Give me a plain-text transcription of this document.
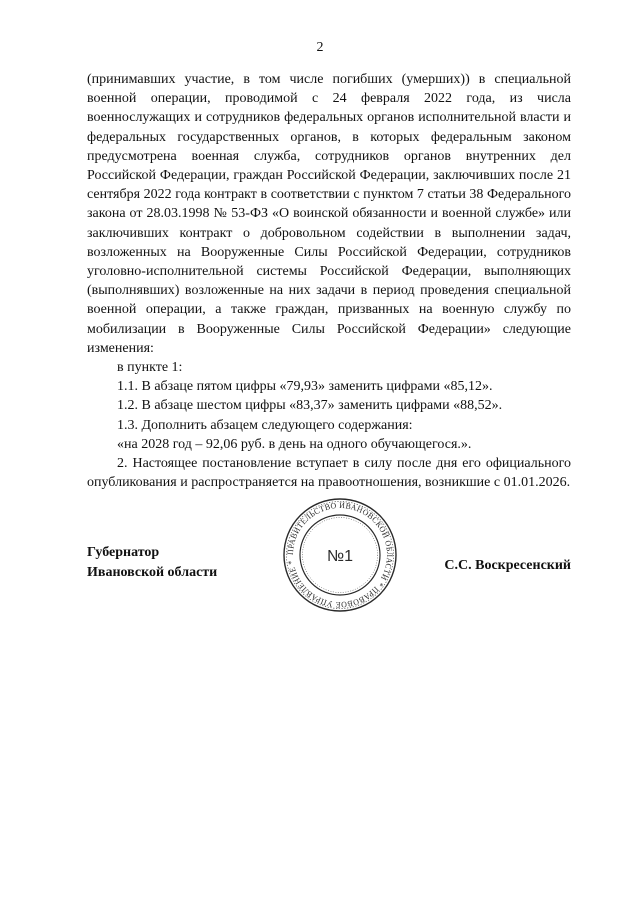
2

(принимавших участие, в том числе погибших (умерших)) в специальной военной операции, проводимой с 24 февраля 2022 года, из числа военнослужащих и сотрудников федеральных органов исполнительной власти и федеральных государственных органов, в которых федеральным законом предусмотрена военная служба, сотрудников органов внутренних дел Российской Федерации, граждан Российской Федерации, заключивших после 21 сентября 2022 года контракт в соответствии с пунктом 7 статьи 38 Федерального закона от 28.03.1998 № 53-ФЗ «О воинской обязанности и военной службе» или заключивших контракт о добровольном содействии в выполнении задач, возложенных на Вооруженные Силы Российской Федерации, сотрудников уголовно-исполнительной системы Российской Федерации, выполняющих (выполнявших) возложенные на них задачи в период проведения специальной военной операции, а также граждан, призванных на военную службу по мобилизации в Вооруженные Силы Российской Федерации» следующие изменения:

в пункте 1:

1.1. В абзаце пятом цифры «79,93» заменить цифрами «85,12».

1.2. В абзаце шестом цифры «83,37» заменить цифрами «88,52».

1.3. Дополнить абзацем следующего содержания:

«на 2028 год – 92,06 руб. в день на одного обучающегося.».

2. Настоящее постановление вступает в силу после дня его официального опубликования и распространяется на правоотношения, возникшие с 01.01.2026.

Губернатор
Ивановской области
ПРАВИТЕЛЬСТВО ИВАНОВСКОЙ ОБЛАСТИ * ПРАВОВОЕ УПРАВЛЕНИЕ *	№1
С.С. Воскресенский
